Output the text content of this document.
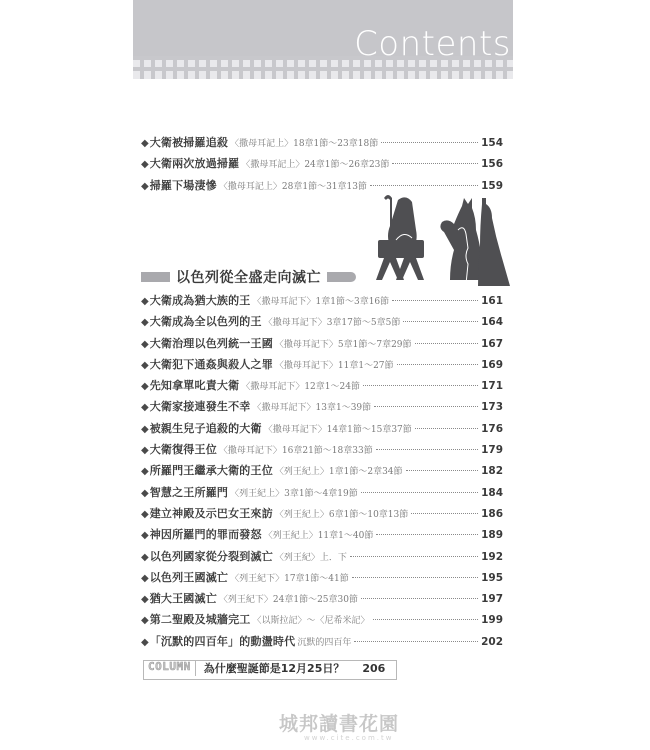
Contents
◆ 大衛被掃羅追殺 〈撒母耳記上〉18章1節～23章18節	154
◆ 大衛兩次放過掃羅 〈撒母耳記上〉24章1節～26章23節	156
◆ 掃羅下場淒慘 〈撒母耳記上〉28章1節～31章13節	159
以色列從全盛走向滅亡
◆ 大衛成為猶大族的王 〈撒母耳記下〉1章1節～3章16節	161
◆ 大衛成為全以色列的王 〈撒母耳記下〉3章17節～5章5節	164
◆ 大衛治理以色列統一王國 〈撒母耳記下〉5章1節～7章29節	167
◆ 大衛犯下通姦與殺人之罪 〈撒母耳記下〉11章1～27節	169
◆ 先知拿單叱責大衛 〈撒母耳記下〉12章1～24節	171
◆ 大衛家接連發生不幸 〈撒母耳記下〉13章1～39節	173
◆ 被親生兒子追殺的大衛 〈撒母耳記下〉14章1節～15章37節	176
◆ 大衛復得王位 〈撒母耳記下〉16章21節～18章33節	179
◆ 所羅門王繼承大衛的王位 〈列王紀上〉1章1節～2章34節	182
◆ 智慧之王所羅門 〈列王紀上〉3章1節～4章19節	184
◆ 建立神殿及示巴女王來訪 〈列王紀上〉6章1節～10章13節	186
◆ 神因所羅門的罪而發怒 〈列王紀上〉11章1～40節	189
◆ 以色列國家從分裂到滅亡 〈列王紀〉上．下	192
◆ 以色列王國滅亡 〈列王紀下〉17章1節～41節	195
◆ 猶大王國滅亡 〈列王紀下〉24章1節～25章30節	197
◆ 第二聖殿及城牆完工 〈以斯拉記〉～〈尼希米記〉	199
◆ 「沉默的四百年」的動盪時代 沉默的四百年	202
COLUMN	為什麼聖誕節是12月25日？ 206
城邦讀書花園
www.cite.com.tw
